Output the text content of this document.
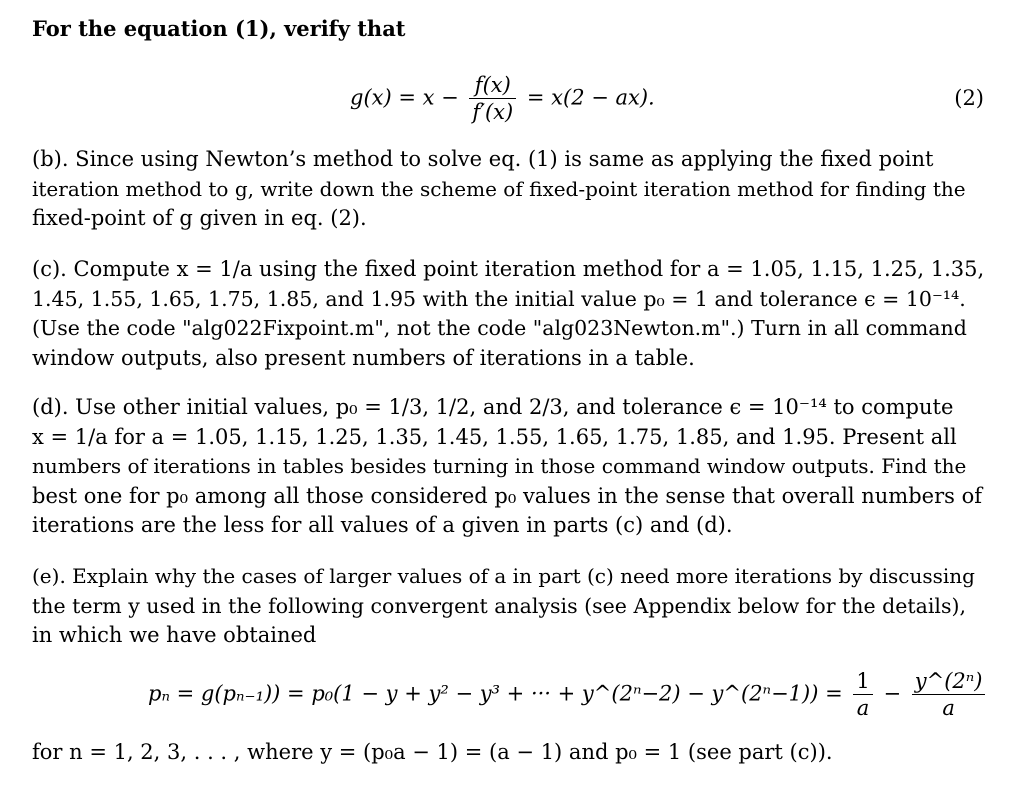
For the equation (1), verify that
$g(x) = x - \frac{f(x)}{f'(x)} = x(2 - ax)$.	(2)
(b). Since using Newton’s method to solve eq. (1) is same as applying the fixed point
iteration method to g, write down the scheme of fixed-point iteration method for finding the
fixed-point of g given in eq. (2).
(c). Compute x = 1/a using the fixed point iteration method for a = 1.05, 1.15, 1.25, 1.35,
1.45, 1.55, 1.65, 1.75, 1.85, and 1.95 with the initial value p₀ = 1 and tolerance ϵ = 10⁻¹⁴.
(Use the code "alg022Fixpoint.m", not the code "alg023Newton.m".) Turn in all command
window outputs, also present numbers of iterations in a table.
(d). Use other initial values, p₀ = 1/3, 1/2, and 2/3, and tolerance ϵ = 10⁻¹⁴ to compute
x = 1/a for a = 1.05, 1.15, 1.25, 1.35, 1.45, 1.55, 1.65, 1.75, 1.85, and 1.95. Present all
numbers of iterations in tables besides turning in those command window outputs. Find the
best one for p₀ among all those considered p₀ values in the sense that overall numbers of
iterations are the less for all values of a given in parts (c) and (d).
(e). Explain why the cases of larger values of a in part (c) need more iterations by discussing
the term y used in the following convergent analysis (see Appendix below for the details),
in which we have obtained
pₙ = g(pₙ₋₁)) = p₀(1 − y + y² − y³ + ··· + y^(2ⁿ−2) − y^(2ⁿ−1)) = $\frac{1}{a} - \frac{\text{y\textasciicircum{}(2ⁿ)}}{a}$
for n = 1, 2, 3, . . . , where y = (p₀a − 1) = (a − 1) and p₀ = 1 (see part (c)).
